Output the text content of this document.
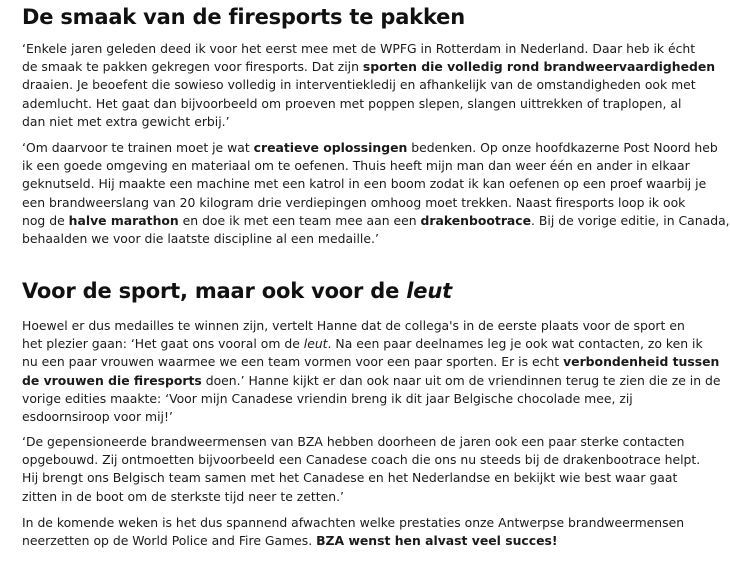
De smaak van de firesports te pakken

‘Enkele jaren geleden deed ik voor het eerst mee met de WPFG in Rotterdam in Nederland. Daar heb ik écht
de smaak te pakken gekregen voor firesports. Dat zijn sporten die volledig rond brandweervaardigheden
draaien. Je beoefent die sowieso volledig in interventiekledij en afhankelijk van de omstandigheden ook met
ademlucht. Het gaat dan bijvoorbeeld om proeven met poppen slepen, slangen uittrekken of traplopen, al
dan niet met extra gewicht erbij.’

‘Om daarvoor te trainen moet je wat creatieve oplossingen bedenken. Op onze hoofdkazerne Post Noord heb
ik een goede omgeving en materiaal om te oefenen. Thuis heeft mijn man dan weer één en ander in elkaar
geknutseld. Hij maakte een machine met een katrol in een boom zodat ik kan oefenen op een proef waarbij je
een brandweerslang van 20 kilogram drie verdiepingen omhoog moet trekken. Naast firesports loop ik ook
nog de halve marathon en doe ik met een team mee aan een drakenbootrace. Bij de vorige editie, in Canada,
behaalden we voor die laatste discipline al een medaille.’

Voor de sport, maar ook voor de leut

Hoewel er dus medailles te winnen zijn, vertelt Hanne dat de collega's in de eerste plaats voor de sport en
het plezier gaan: ‘Het gaat ons vooral om de leut. Na een paar deelnames leg je ook wat contacten, zo ken ik
nu een paar vrouwen waarmee we een team vormen voor een paar sporten. Er is echt verbondenheid tussen
de vrouwen die firesports doen.’ Hanne kijkt er dan ook naar uit om de vriendinnen terug te zien die ze in de
vorige edities maakte: ‘Voor mijn Canadese vriendin breng ik dit jaar Belgische chocolade mee, zij
esdoornsiroop voor mij!’

‘De gepensioneerde brandweermensen van BZA hebben doorheen de jaren ook een paar sterke contacten
opgebouwd. Zij ontmoetten bijvoorbeeld een Canadese coach die ons nu steeds bij de drakenbootrace helpt.
Hij brengt ons Belgisch team samen met het Canadese en het Nederlandse en bekijkt wie best waar gaat
zitten in de boot om de sterkste tijd neer te zetten.’

In de komende weken is het dus spannend afwachten welke prestaties onze Antwerpse brandweermensen
neerzetten op de World Police and Fire Games. BZA wenst hen alvast veel succes!
